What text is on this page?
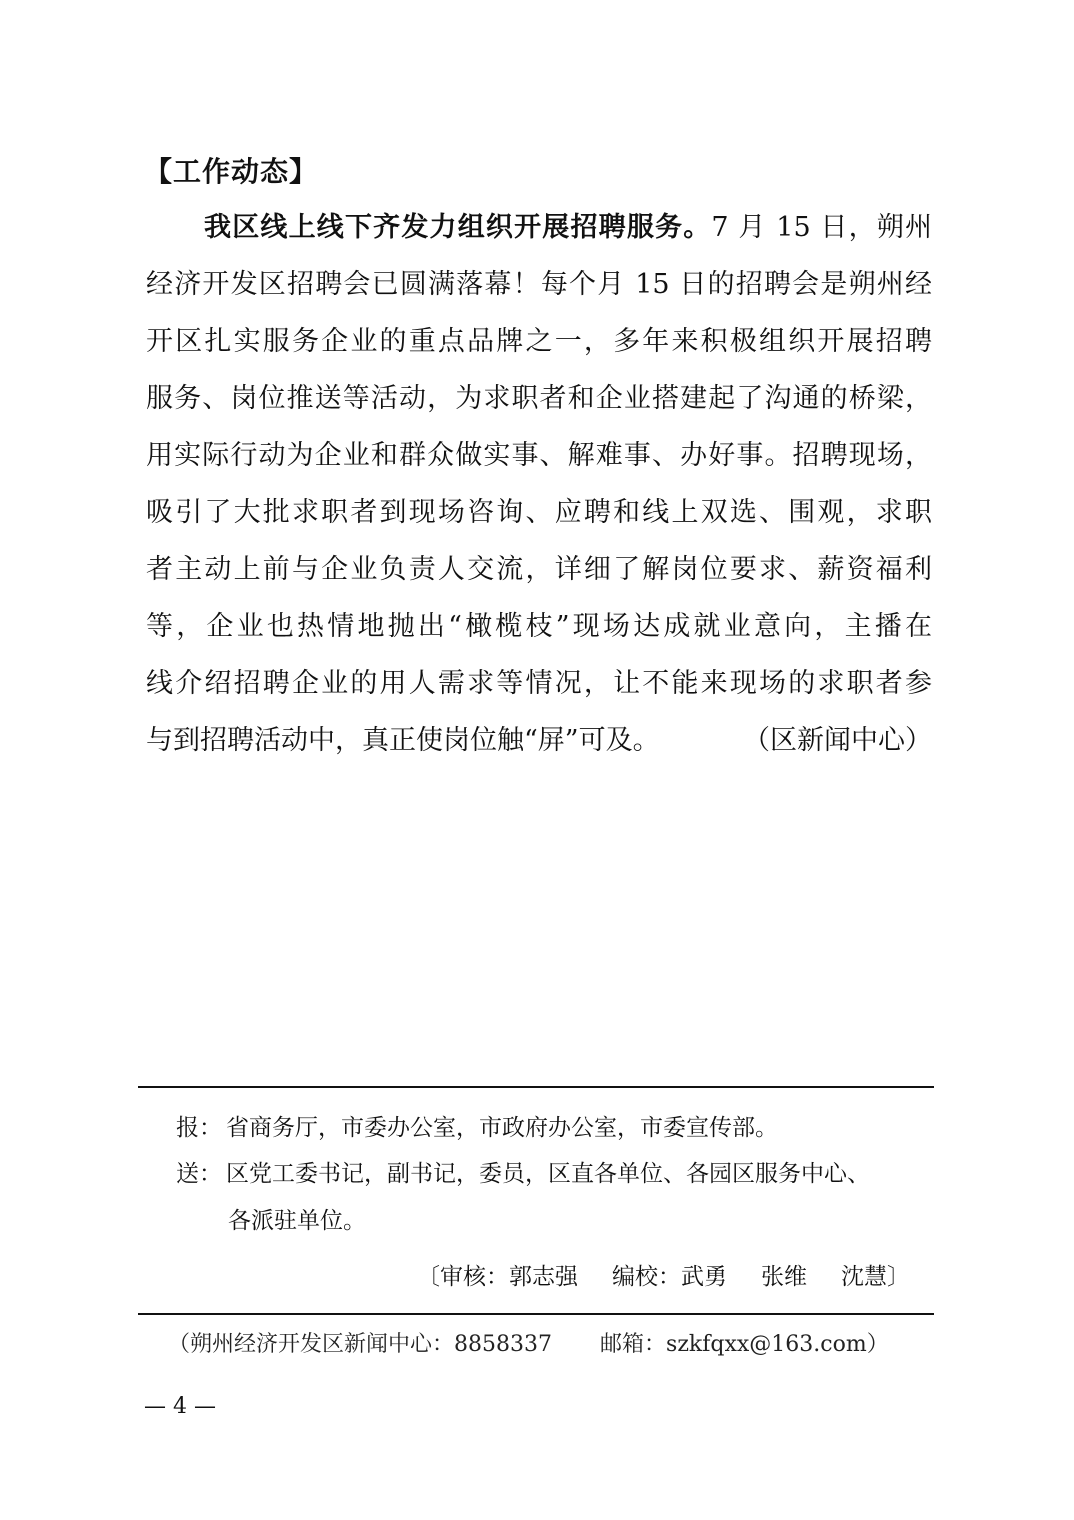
【工作动态】
我区线上线下齐发力组织开展招聘服务。7 月 15 日，朔州
经济开发区招聘会已圆满落幕！每个月 15 日的招聘会是朔州经
开区扎实服务企业的重点品牌之一，多年来积极组织开展招聘
服务、岗位推送等活动，为求职者和企业搭建起了沟通的桥梁，
用实际行动为企业和群众做实事、解难事、办好事。招聘现场，
吸引了大批求职者到现场咨询、应聘和线上双选、围观，求职
者主动上前与企业负责人交流，详细了解岗位要求、薪资福利
等，企业也热情地抛出“橄榄枝”现场达成就业意向，主播在
线介绍招聘企业的用人需求等情况，让不能来现场的求职者参
与到招聘活动中，真正使岗位触“屏”可及。	（区新闻中心）
报： 省商务厅，市委办公室，市政府办公室，市委宣传部。
送： 区党工委书记，副书记，委员，区直各单位、各园区服务中心、
各派驻单位。
〔审核：郭志强 编校：武勇 张维 沈慧〕
（朔州经济开发区新闻中心：8858337 邮箱：szkfqxx@163.com）
— 4 —
